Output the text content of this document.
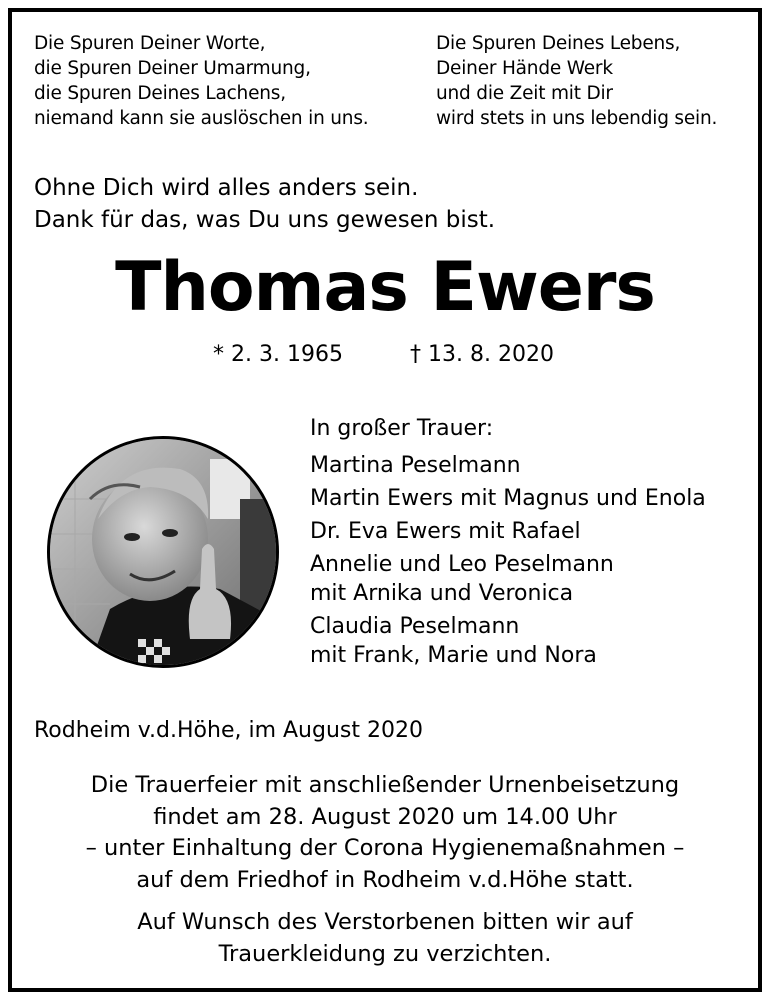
Die Spuren Deiner Worte,
die Spuren Deiner Umarmung,
die Spuren Deines Lachens,
niemand kann sie auslöschen in uns.
Die Spuren Deines Lebens,
Deiner Hände Werk
und die Zeit mit Dir
wird stets in uns lebendig sein.
Ohne Dich wird alles anders sein.
Dank für das, was Du uns gewesen bist.
Thomas Ewers
* 2. 3. 1965	† 13. 8. 2020
In großer Trauer:
Martina Peselmann
Martin Ewers mit Magnus und Enola
Dr. Eva Ewers mit Rafael
Annelie und Leo Peselmann
mit Arnika und Veronica
Claudia Peselmann
mit Frank, Marie und Nora
Rodheim v.d.Höhe, im August 2020
Die Trauerfeier mit anschließender Urnenbeisetzung
findet am 28. August 2020 um 14.00 Uhr
– unter Einhaltung der Corona Hygienemaßnahmen –
auf dem Friedhof in Rodheim v.d.Höhe statt.
Auf Wunsch des Verstorbenen bitten wir auf
Trauerkleidung zu verzichten.
